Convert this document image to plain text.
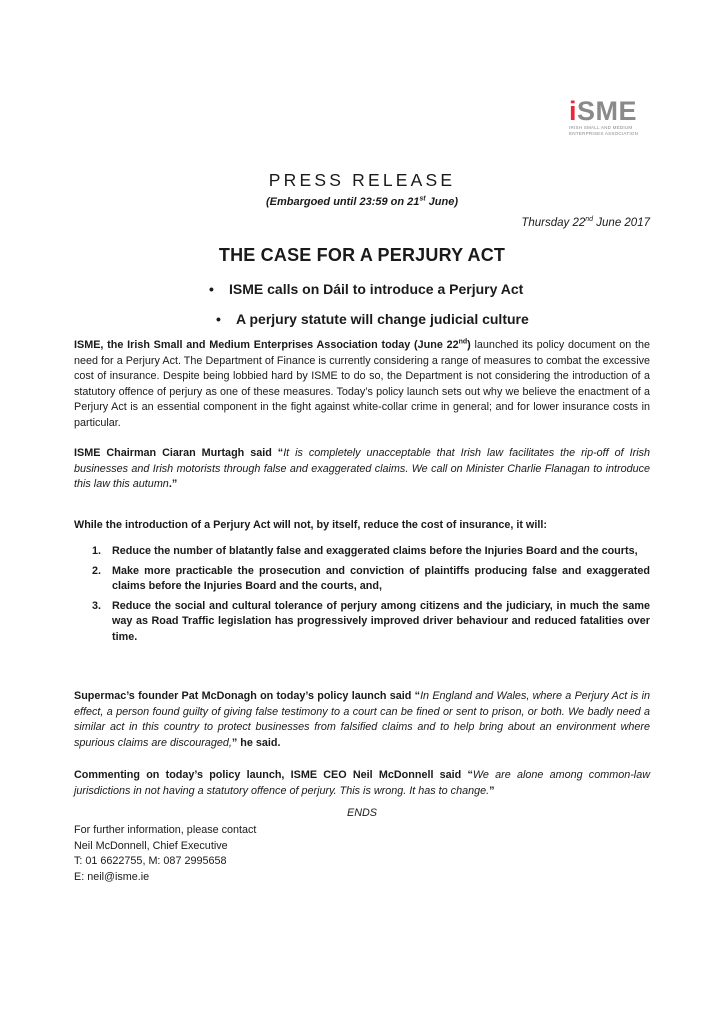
iSME
IRISH SMALL AND MEDIUM
ENTERPRISES ASSOCIATION
PRESS RELEASE
(Embargoed until 23:59 on 21st June)
Thursday 22nd June 2017
THE CASE FOR A PERJURY ACT
• ISME calls on Dáil to introduce a Perjury Act
• A perjury statute will change judicial culture

ISME, the Irish Small and Medium Enterprises Association today (June 22nd) launched its policy document on the need for a Perjury Act. The Department of Finance is currently considering a range of measures to combat the excessive cost of insurance. Despite being lobbied hard by ISME to do so, the Department is not considering the introduction of a statutory offence of perjury as one of these measures. Today’s policy launch sets out why we believe the enactment of a Perjury Act is an essential component in the fight against white-collar crime in general; and for lower insurance costs in particular.

ISME Chairman Ciaran Murtagh said “It is completely unacceptable that Irish law facilitates the rip-off of Irish businesses and Irish motorists through false and exaggerated claims. We call on Minister Charlie Flanagan to introduce this law this autumn.”

While the introduction of a Perjury Act will not, by itself, reduce the cost of insurance, it will:

1. Reduce the number of blatantly false and exaggerated claims before the Injuries Board and the courts,
2. Make more practicable the prosecution and conviction of plaintiffs producing false and exaggerated claims before the Injuries Board and the courts, and,
3. Reduce the social and cultural tolerance of perjury among citizens and the judiciary, in much the same way as Road Traffic legislation has progressively improved driver behaviour and reduced fatalities over time.

Supermac’s founder Pat McDonagh on today’s policy launch said “In England and Wales, where a Perjury Act is in effect, a person found guilty of giving false testimony to a court can be fined or sent to prison, or both. We badly need a similar act in this country to protect businesses from falsified claims and to help bring about an environment where spurious claims are discouraged,” he said.

Commenting on today’s policy launch, ISME CEO Neil McDonnell said “We are alone among common-law jurisdictions in not having a statutory offence of perjury. This is wrong. It has to change.”

ENDS
For further information, please contact
Neil McDonnell, Chief Executive
T: 01 6622755, M: 087 2995658
E: neil@isme.ie
